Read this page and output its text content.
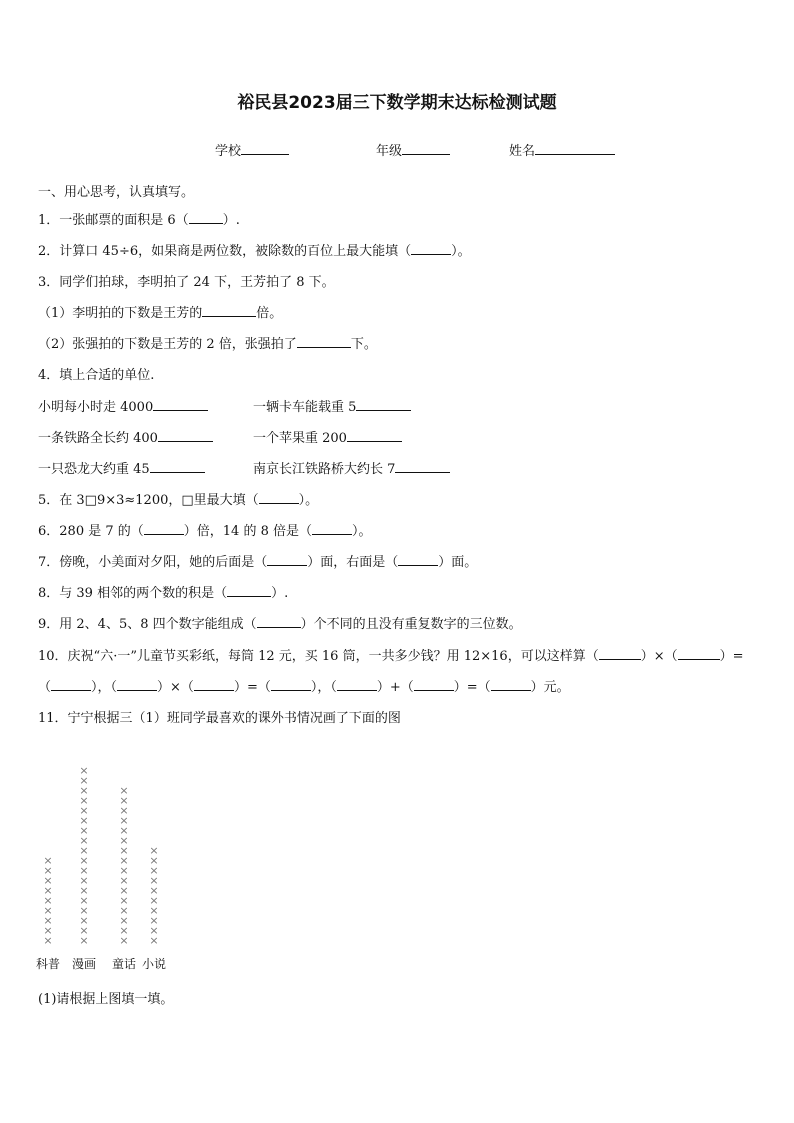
裕民县2023届三下数学期末达标检测试题
学校	年级	姓名
一、用心思考，认真填写。
1．一张邮票的面积是 6（	）.
2．计算口 45÷6，如果商是两位数，被除数的百位上最大能填（	）。
3．同学们拍球，李明拍了 24 下，王芳拍了 8 下。
（1）李明拍的下数是王芳的	倍。
（2）张强拍的下数是王芳的 2 倍，张强拍了	下。
4．填上合适的单位.
小明每小时走 4000	一辆卡车能载重 5
一条铁路全长约 400	一个苹果重 200
一只恐龙大约重 45	南京长江铁路桥大约长 7
5．在 3□9×3≈1200，□里最大填（	）。
6．280 是 7 的（	）倍，14 的 8 倍是（	）。
7．傍晚，小美面对夕阳，她的后面是（	）面，右面是（	）面。
8．与 39 相邻的两个数的积是（	）.
9．用 2、4、5、8 四个数字能组成（	）个不同的且没有重复数字的三位数。
10．庆祝“六·一”儿童节买彩纸，每筒 12 元，买 16 筒，一共多少钱？用 12×16，可以这样算（	）×（	）=
（	），（	）×（	）=（	），（	）+（	）=（	）元。
11．宁宁根据三（1）班同学最喜欢的课外书情况画了下面的图
×
×
×
×
×
×
×
×
×
科普
×
×
×
×
×
×
×
×
×
×
×
×
×
×
×
×
×
×
漫画
×
×
×
×
×
×
×
×
×
×
×
×
×
×
×
×
童话
×
×
×
×
×
×
×
×
×
×
小说
(1)请根据上图填一填。
